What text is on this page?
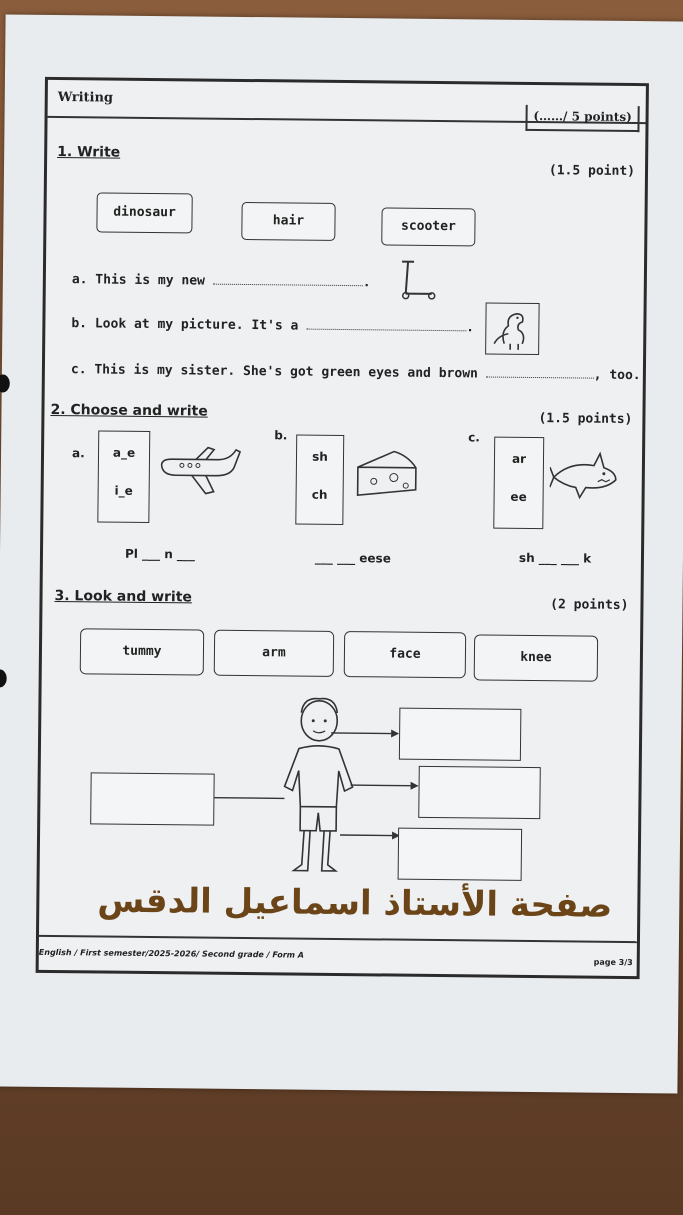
Writing
(……/ 5 points)
1. Write
(1.5 point)
dinosaur
hair	scooter
a. This is my new	.
b. Look at my picture. It's a	.
c. This is my sister. She's got green eyes and brown	, too.
2. Choose and write	(1.5 points)
a.	a_e
i_e
Pl ___ n ___
b.
sh
ch
___ ___ eese
c.
ar
ee
sh ___ ___ k
3. Look and write	(2 points)
tummy	arm	face	knee
صفحة الأستاذ اسماعيل الدقس
English / First semester/2025-2026/ Second grade / Form A
page 3/3
